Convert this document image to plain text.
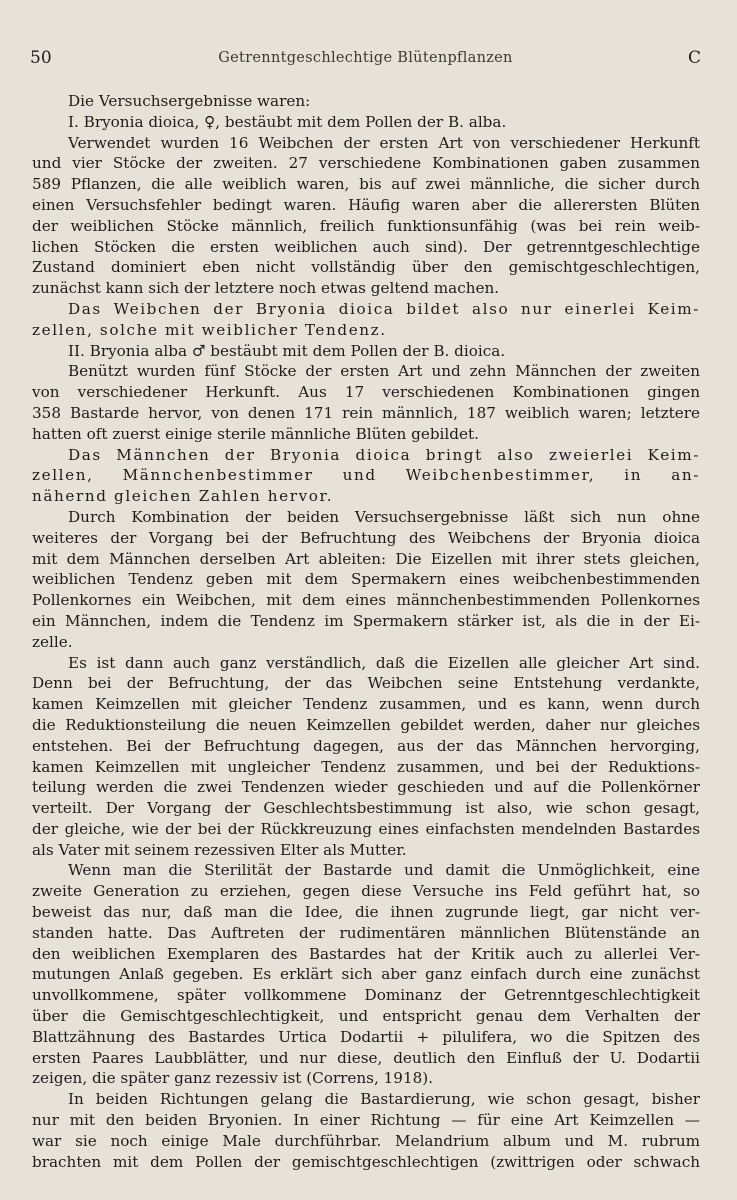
50	Getrenntgeschlechtige Blütenpflanzen	C
Die Versuchsergebnisse waren:
I. Bryonia dioica, ♀, bestäubt mit dem Pollen der B. alba.
Verwendet wurden 16 Weibchen der ersten Art von verschiedener Herkunft
und vier Stöcke der zweiten. 27 verschiedene Kombinationen gaben zusammen
589 Pflanzen, die alle weiblich waren, bis auf zwei männliche, die sicher durch
einen Versuchsfehler bedingt waren. Häufig waren aber die allerersten Blüten
der weiblichen Stöcke männlich, freilich funktionsunfähig (was bei rein weib-
lichen Stöcken die ersten weiblichen auch sind). Der getrenntgeschlechtige
Zustand dominiert eben nicht vollständig über den gemischtgeschlechtigen,
zunächst kann sich der letztere noch etwas geltend machen.
Das Weibchen der Bryonia dioica bildet also nur einerlei Keim-
zellen, solche mit weiblicher Tendenz.
II. Bryonia alba ♂ bestäubt mit dem Pollen der B. dioica.
Benützt wurden fünf Stöcke der ersten Art und zehn Männchen der zweiten
von verschiedener Herkunft. Aus 17 verschiedenen Kombinationen gingen
358 Bastarde hervor, von denen 171 rein männlich, 187 weiblich waren; letztere
hatten oft zuerst einige sterile männliche Blüten gebildet.
Das Männchen der Bryonia dioica bringt also zweierlei Keim-
zellen, Männchenbestimmer und Weibchenbestimmer, in an-
nähernd gleichen Zahlen hervor.
Durch Kombination der beiden Versuchsergebnisse läßt sich nun ohne
weiteres der Vorgang bei der Befruchtung des Weibchens der Bryonia dioica
mit dem Männchen derselben Art ableiten: Die Eizellen mit ihrer stets gleichen,
weiblichen Tendenz geben mit dem Spermakern eines weibchenbestimmenden
Pollenkornes ein Weibchen, mit dem eines männchenbestimmenden Pollenkornes
ein Männchen, indem die Tendenz im Spermakern stärker ist, als die in der Ei-
zelle.
Es ist dann auch ganz verständlich, daß die Eizellen alle gleicher Art sind.
Denn bei der Befruchtung, der das Weibchen seine Entstehung verdankte,
kamen Keimzellen mit gleicher Tendenz zusammen, und es kann, wenn durch
die Reduktionsteilung die neuen Keimzellen gebildet werden, daher nur gleiches
entstehen. Bei der Befruchtung dagegen, aus der das Männchen hervorging,
kamen Keimzellen mit ungleicher Tendenz zusammen, und bei der Reduktions-
teilung werden die zwei Tendenzen wieder geschieden und auf die Pollenkörner
verteilt. Der Vorgang der Geschlechtsbestimmung ist also, wie schon gesagt,
der gleiche, wie der bei der Rückkreuzung eines einfachsten mendelnden Bastardes
als Vater mit seinem rezessiven Elter als Mutter.
Wenn man die Sterilität der Bastarde und damit die Unmöglichkeit, eine
zweite Generation zu erziehen, gegen diese Versuche ins Feld geführt hat, so
beweist das nur, daß man die Idee, die ihnen zugrunde liegt, gar nicht ver-
standen hatte. Das Auftreten der rudimentären männlichen Blütenstände an
den weiblichen Exemplaren des Bastardes hat der Kritik auch zu allerlei Ver-
mutungen Anlaß gegeben. Es erklärt sich aber ganz einfach durch eine zunächst
unvollkommene, später vollkommene Dominanz der Getrenntgeschlechtigkeit
über die Gemischtgeschlechtigkeit, und entspricht genau dem Verhalten der
Blattzähnung des Bastardes Urtica Dodartii + pilulifera, wo die Spitzen des
ersten Paares Laubblätter, und nur diese, deutlich den Einfluß der U. Dodartii
zeigen, die später ganz rezessiv ist (Correns, 1918).
In beiden Richtungen gelang die Bastardierung, wie schon gesagt, bisher
nur mit den beiden Bryonien. In einer Richtung — für eine Art Keimzellen —
war sie noch einige Male durchführbar. Melandrium album und M. rubrum
brachten mit dem Pollen der gemischtgeschlechtigen (zwittrigen oder schwach
